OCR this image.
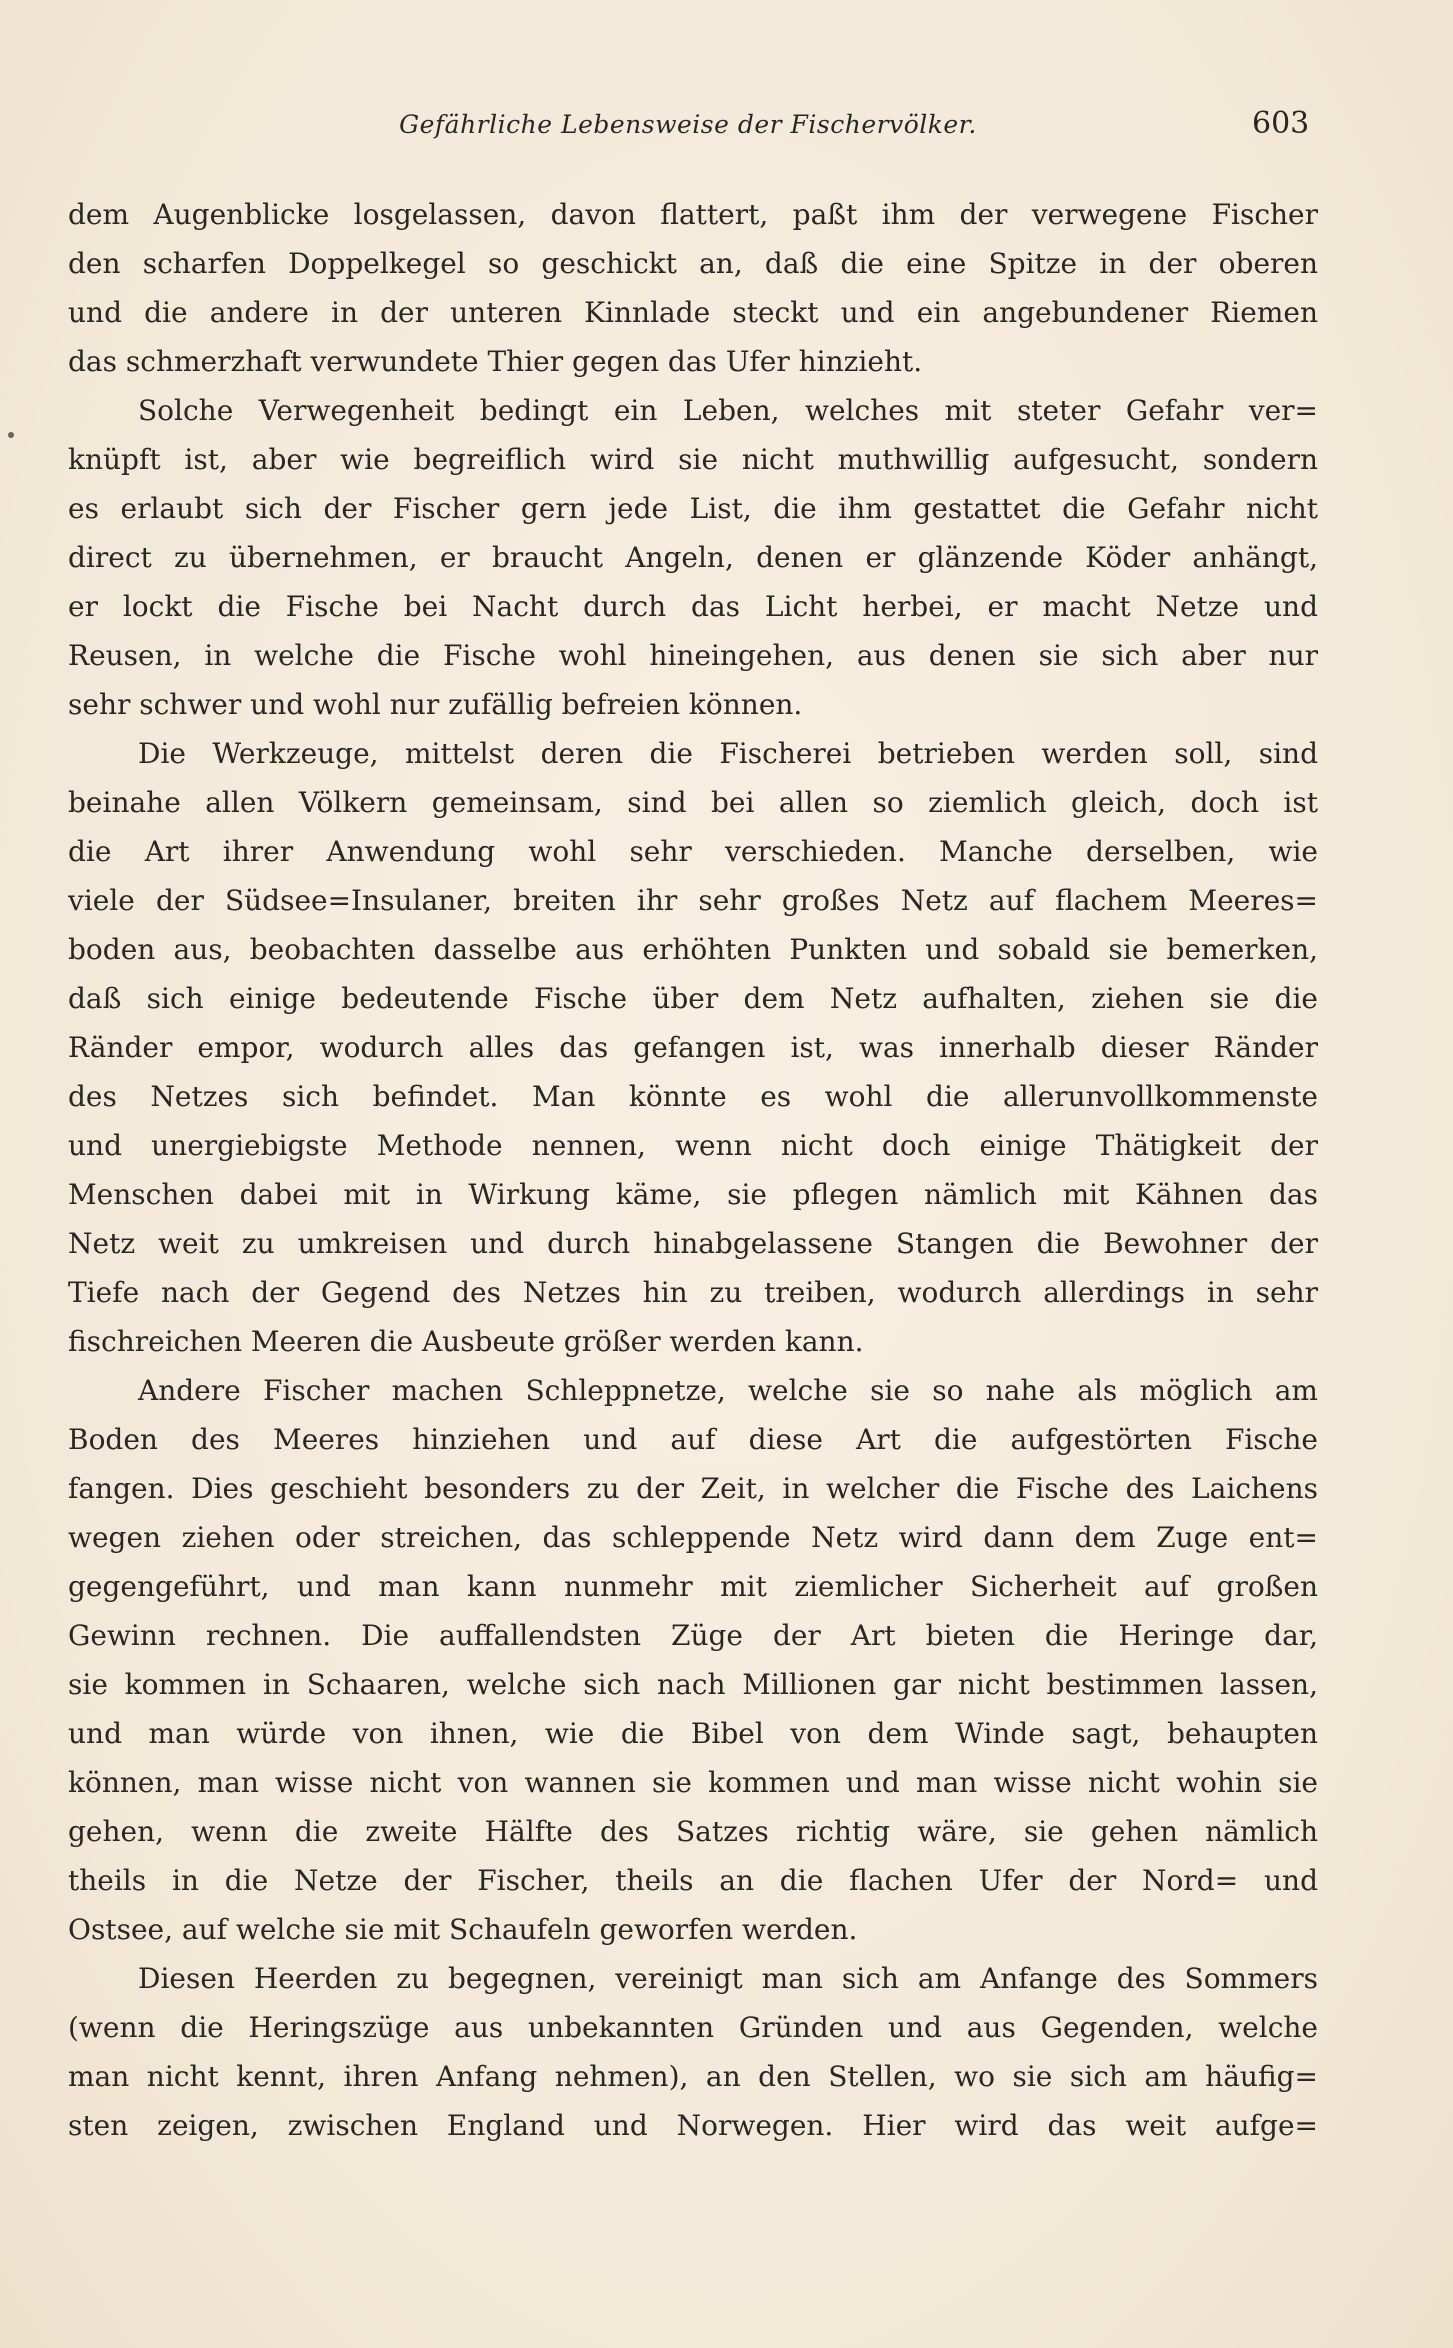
Gefährliche Lebensweise der Fischervölker.	603
dem Augenblicke losgelassen, davon flattert, paßt ihm der verwegene Fischer
den scharfen Doppelkegel so geschickt an, daß die eine Spitze in der oberen
und die andere in der unteren Kinnlade steckt und ein angebundener Riemen
das schmerzhaft verwundete Thier gegen das Ufer hinzieht.
Solche Verwegenheit bedingt ein Leben, welches mit steter Gefahr ver=
knüpft ist, aber wie begreiflich wird sie nicht muthwillig aufgesucht, sondern
es erlaubt sich der Fischer gern jede List, die ihm gestattet die Gefahr nicht
direct zu übernehmen, er braucht Angeln, denen er glänzende Köder anhängt,
er lockt die Fische bei Nacht durch das Licht herbei, er macht Netze und
Reusen, in welche die Fische wohl hineingehen, aus denen sie sich aber nur
sehr schwer und wohl nur zufällig befreien können.
Die Werkzeuge, mittelst deren die Fischerei betrieben werden soll, sind
beinahe allen Völkern gemeinsam, sind bei allen so ziemlich gleich, doch ist
die Art ihrer Anwendung wohl sehr verschieden. Manche derselben, wie
viele der Südsee=Insulaner, breiten ihr sehr großes Netz auf flachem Meeres=
boden aus, beobachten dasselbe aus erhöhten Punkten und sobald sie bemerken,
daß sich einige bedeutende Fische über dem Netz aufhalten, ziehen sie die
Ränder empor, wodurch alles das gefangen ist, was innerhalb dieser Ränder
des Netzes sich befindet. Man könnte es wohl die allerunvollkommenste
und unergiebigste Methode nennen, wenn nicht doch einige Thätigkeit der
Menschen dabei mit in Wirkung käme, sie pflegen nämlich mit Kähnen das
Netz weit zu umkreisen und durch hinabgelassene Stangen die Bewohner der
Tiefe nach der Gegend des Netzes hin zu treiben, wodurch allerdings in sehr
fischreichen Meeren die Ausbeute größer werden kann.
Andere Fischer machen Schleppnetze, welche sie so nahe als möglich am
Boden des Meeres hinziehen und auf diese Art die aufgestörten Fische
fangen. Dies geschieht besonders zu der Zeit, in welcher die Fische des Laichens
wegen ziehen oder streichen, das schleppende Netz wird dann dem Zuge ent=
gegengeführt, und man kann nunmehr mit ziemlicher Sicherheit auf großen
Gewinn rechnen. Die auffallendsten Züge der Art bieten die Heringe dar,
sie kommen in Schaaren, welche sich nach Millionen gar nicht bestimmen lassen,
und man würde von ihnen, wie die Bibel von dem Winde sagt, behaupten
können, man wisse nicht von wannen sie kommen und man wisse nicht wohin sie
gehen, wenn die zweite Hälfte des Satzes richtig wäre, sie gehen nämlich
theils in die Netze der Fischer, theils an die flachen Ufer der Nord= und
Ostsee, auf welche sie mit Schaufeln geworfen werden.
Diesen Heerden zu begegnen, vereinigt man sich am Anfange des Sommers
(wenn die Heringszüge aus unbekannten Gründen und aus Gegenden, welche
man nicht kennt, ihren Anfang nehmen), an den Stellen, wo sie sich am häufig=
sten zeigen, zwischen England und Norwegen. Hier wird das weit aufge=
